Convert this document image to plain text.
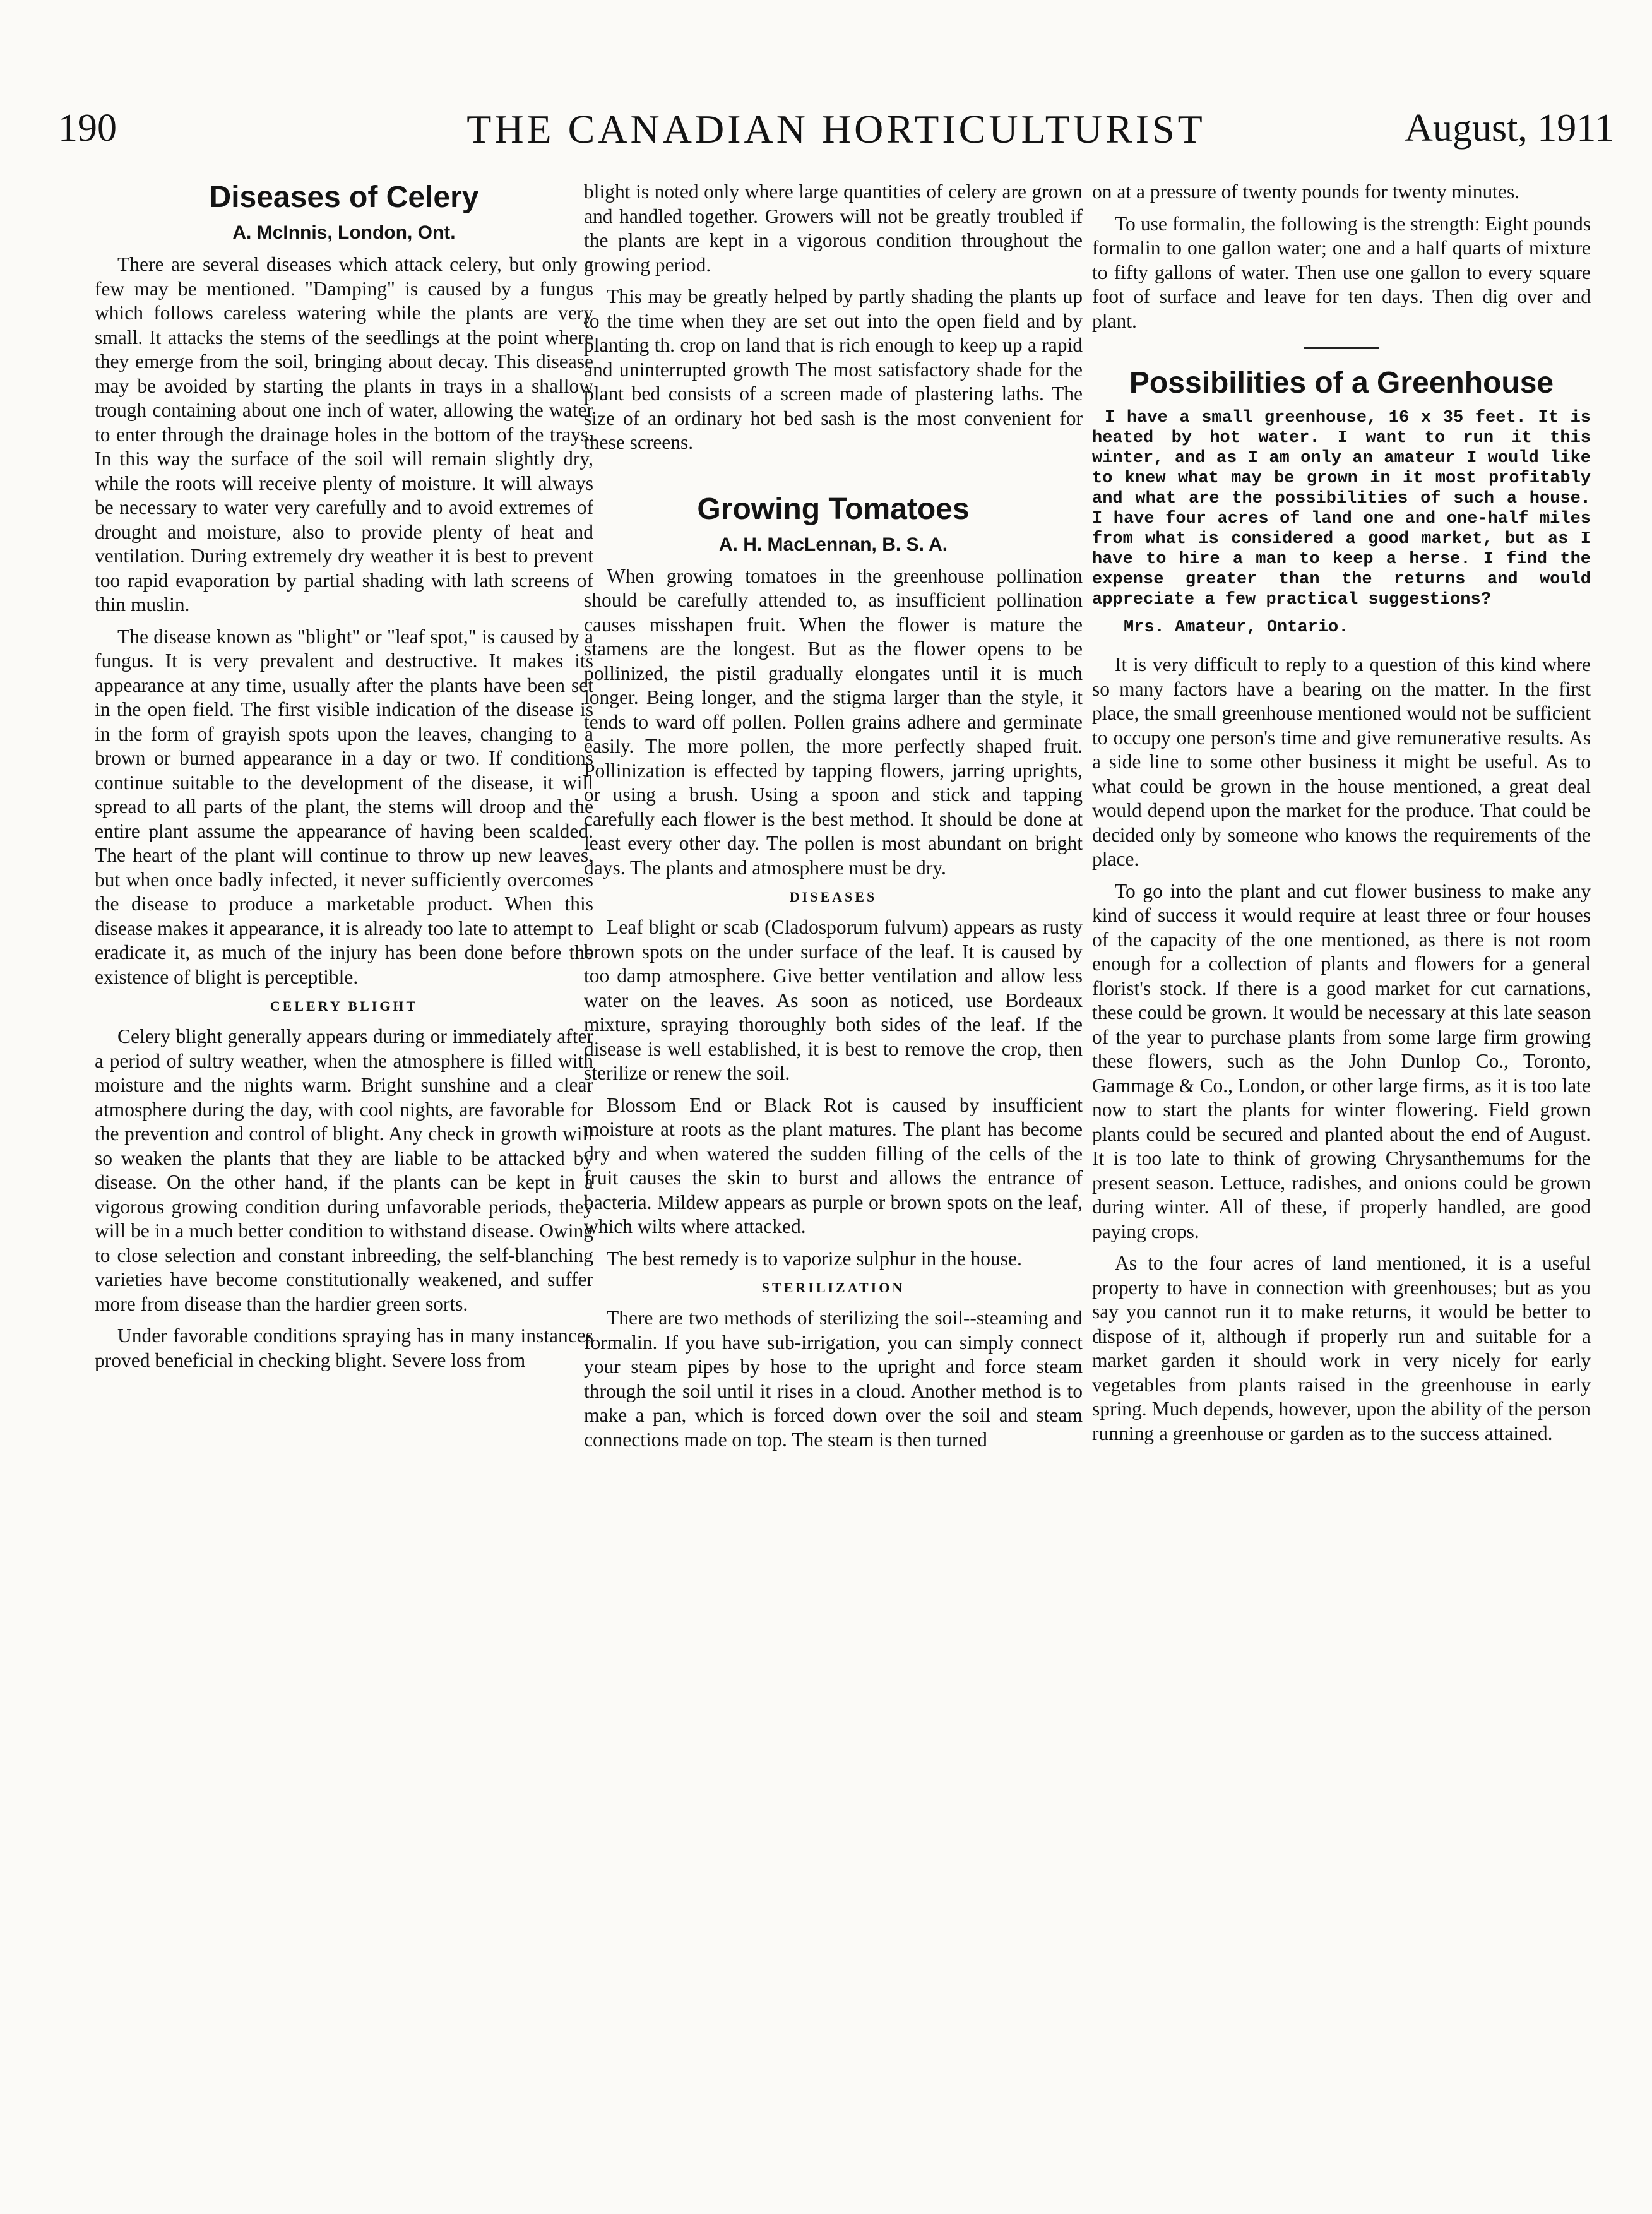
190	THE CANADIAN HORTICULTURIST	August, 1911
Diseases of Celery
A. McInnis, London, Ont.

There are several diseases which attack celery, but only a few may be mentioned. "Damping" is caused by a fungus which follows careless watering while the plants are very small. It attacks the stems of the seedlings at the point where they emerge from the soil, bringing about decay. This disease may be avoided by starting the plants in trays in a shallow trough containing about one inch of water, allowing the water to enter through the drainage holes in the bottom of the trays. In this way the surface of the soil will remain slightly dry, while the roots will receive plenty of moisture. It will always be necessary to water very carefully and to avoid extremes of drought and moisture, also to provide plenty of heat and ventilation. During extremely dry weather it is best to prevent too rapid evaporation by partial shading with lath screens of thin muslin.

The disease known as "blight" or "leaf spot," is caused by a fungus. It is very prevalent and destructive. It makes its appearance at any time, usually after the plants have been set in the open field. The first visible indication of the disease is in the form of grayish spots upon the leaves, changing to a brown or burned appearance in a day or two. If conditions continue suitable to the development of the disease, it will spread to all parts of the plant, the stems will droop and the entire plant assume the appearance of having been scalded. The heart of the plant will continue to throw up new leaves, but when once badly infected, it never sufficiently overcomes the disease to produce a marketable product. When this disease makes it appearance, it is already too late to attempt to eradicate it, as much of the injury has been done before the existence of blight is perceptible.

CELERY BLIGHT

Celery blight generally appears during or immediately after a period of sultry weather, when the atmosphere is filled with moisture and the nights warm. Bright sunshine and a clear atmosphere during the day, with cool nights, are favorable for the prevention and control of blight. Any check in growth will so weaken the plants that they are liable to be attacked by disease. On the other hand, if the plants can be kept in a vigorous growing condition during unfavorable periods, they will be in a much better condition to withstand disease. Owing to close selection and constant inbreeding, the self-blanching varieties have become constitutionally weakened, and suffer more from disease than the hardier green sorts.

Under favorable conditions spraying has in many instances proved beneficial in checking blight. Severe loss from

blight is noted only where large quantities of celery are grown and handled together. Growers will not be greatly troubled if the plants are kept in a vigorous condition throughout the growing period.

This may be greatly helped by partly shading the plants up to the time when they are set out into the open field and by planting th. crop on land that is rich enough to keep up a rapid and uninterrupted growth The most satisfactory shade for the plant bed consists of a screen made of plastering laths. The size of an ordinary hot bed sash is the most convenient for these screens.

Growing Tomatoes
A. H. MacLennan, B. S. A.

When growing tomatoes in the greenhouse pollination should be carefully attended to, as insufficient pollination causes misshapen fruit. When the flower is mature the stamens are the longest. But as the flower opens to be pollinized, the pistil gradually elongates until it is much longer. Being longer, and the stigma larger than the style, it tends to ward off pollen. Pollen grains adhere and germinate easily. The more pollen, the more perfectly shaped fruit. Pollinization is effected by tapping flowers, jarring uprights, or using a brush. Using a spoon and stick and tapping carefully each flower is the best method. It should be done at least every other day. The pollen is most abundant on bright days. The plants and atmosphere must be dry.

DISEASES

Leaf blight or scab (Cladosporum fulvum) appears as rusty brown spots on the under surface of the leaf. It is caused by too damp atmosphere. Give better ventilation and allow less water on the leaves. As soon as noticed, use Bordeaux mixture, spraying thoroughly both sides of the leaf. If the disease is well established, it is best to remove the crop, then sterilize or renew the soil.

Blossom End or Black Rot is caused by insufficient moisture at roots as the plant matures. The plant has become dry and when watered the sudden filling of the cells of the fruit causes the skin to burst and allows the entrance of bacteria. Mildew appears as purple or brown spots on the leaf, which wilts where attacked.

The best remedy is to vaporize sulphur in the house.

STERILIZATION

There are two methods of sterilizing the soil--steaming and formalin. If you have sub-irrigation, you can simply connect your steam pipes by hose to the upright and force steam through the soil until it rises in a cloud. Another method is to make a pan, which is forced down over the soil and steam connections made on top. The steam is then turned

on at a pressure of twenty pounds for twenty minutes.

To use formalin, the following is the strength: Eight pounds formalin to one gallon water; one and a half quarts of mixture to fifty gallons of water. Then use one gallon to every square foot of surface and leave for ten days. Then dig over and plant.

Possibilities of a Greenhouse

I have a small greenhouse, 16 x 35 feet. It is heated by hot water. I want to run it this winter, and as I am only an amateur I would like to knew what may be grown in it most profitably and what are the possibilities of such a house. I have four acres of land one and one-half miles from what is considered a good market, but as I have to hire a man to keep a herse. I find the expense greater than the returns and would appreciate a few practical suggestions?

Mrs. Amateur, Ontario.

It is very difficult to reply to a question of this kind where so many factors have a bearing on the matter. In the first place, the small greenhouse mentioned would not be sufficient to occupy one person's time and give remunerative results. As a side line to some other business it might be useful. As to what could be grown in the house mentioned, a great deal would depend upon the market for the produce. That could be decided only by someone who knows the requirements of the place.

To go into the plant and cut flower business to make any kind of success it would require at least three or four houses of the capacity of the one mentioned, as there is not room enough for a collection of plants and flowers for a general florist's stock. If there is a good market for cut carnations, these could be grown. It would be necessary at this late season of the year to purchase plants from some large firm growing these flowers, such as the John Dunlop Co., Toronto, Gammage & Co., London, or other large firms, as it is too late now to start the plants for winter flowering. Field grown plants could be secured and planted about the end of August. It is too late to think of growing Chrysanthemums for the present season. Lettuce, radishes, and onions could be grown during winter. All of these, if properly handled, are good paying crops.

As to the four acres of land mentioned, it is a useful property to have in connection with greenhouses; but as you say you cannot run it to make returns, it would be better to dispose of it, although if properly run and suitable for a market garden it should work in very nicely for early vegetables from plants raised in the greenhouse in early spring. Much depends, however, upon the ability of the person running a greenhouse or garden as to the success attained.
